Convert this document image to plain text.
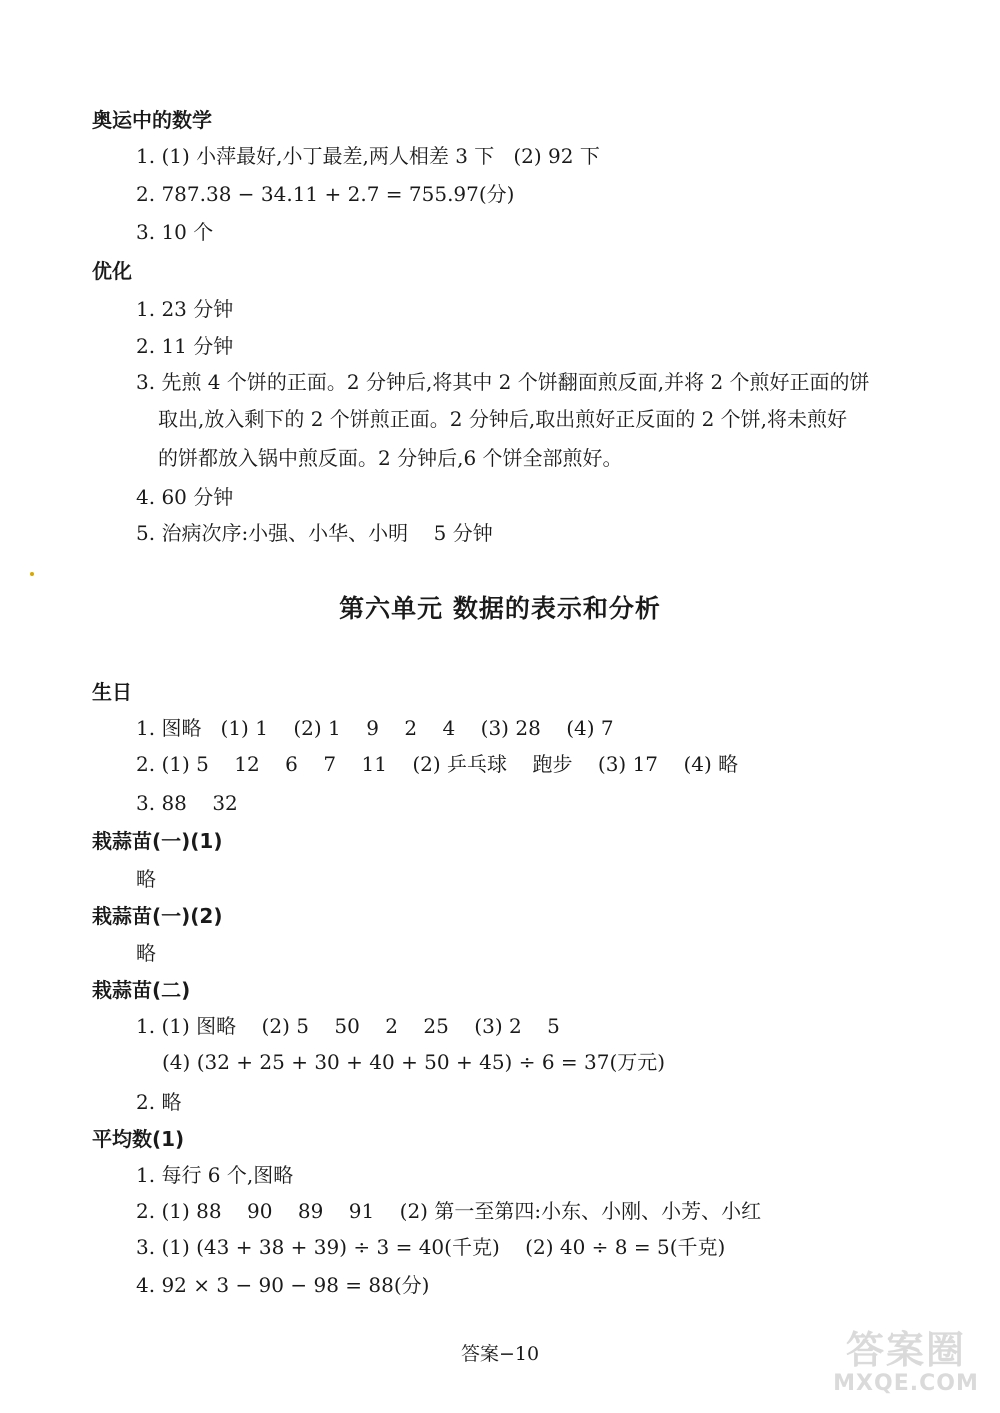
奥运中的数学
1. (1) 小萍最好,小丁最差,两人相差 3 下   (2) 92 下
2. 787.38 − 34.11 + 2.7 = 755.97(分)
3. 10 个
优化
1. 23 分钟
2. 11 分钟
3. 先煎 4 个饼的正面。2 分钟后,将其中 2 个饼翻面煎反面,并将 2 个煎好正面的饼
取出,放入剩下的 2 个饼煎正面。2 分钟后,取出煎好正反面的 2 个饼,将未煎好
的饼都放入锅中煎反面。2 分钟后,6 个饼全部煎好。
4. 60 分钟
5. 治病次序:小强、小华、小明    5 分钟
第六单元 数据的表示和分析
生日
1. 图略   (1) 1    (2) 1    9    2    4    (3) 28    (4) 7
2. (1) 5    12    6    7    11    (2) 乒乓球    跑步    (3) 17    (4) 略
3. 88    32
栽蒜苗(一)(1)
略
栽蒜苗(一)(2)
略
栽蒜苗(二)
1. (1) 图略    (2) 5    50    2    25    (3) 2    5
(4) (32 + 25 + 30 + 40 + 50 + 45) ÷ 6 = 37(万元)
2. 略
平均数(1)
1. 每行 6 个,图略
2. (1) 88    90    89    91    (2) 第一至第四:小东、小刚、小芳、小红
3. (1) (43 + 38 + 39) ÷ 3 = 40(千克)    (2) 40 ÷ 8 = 5(千克)
4. 92 × 3 − 90 − 98 = 88(分)
答案−10	答案圈
MXQE.COM
